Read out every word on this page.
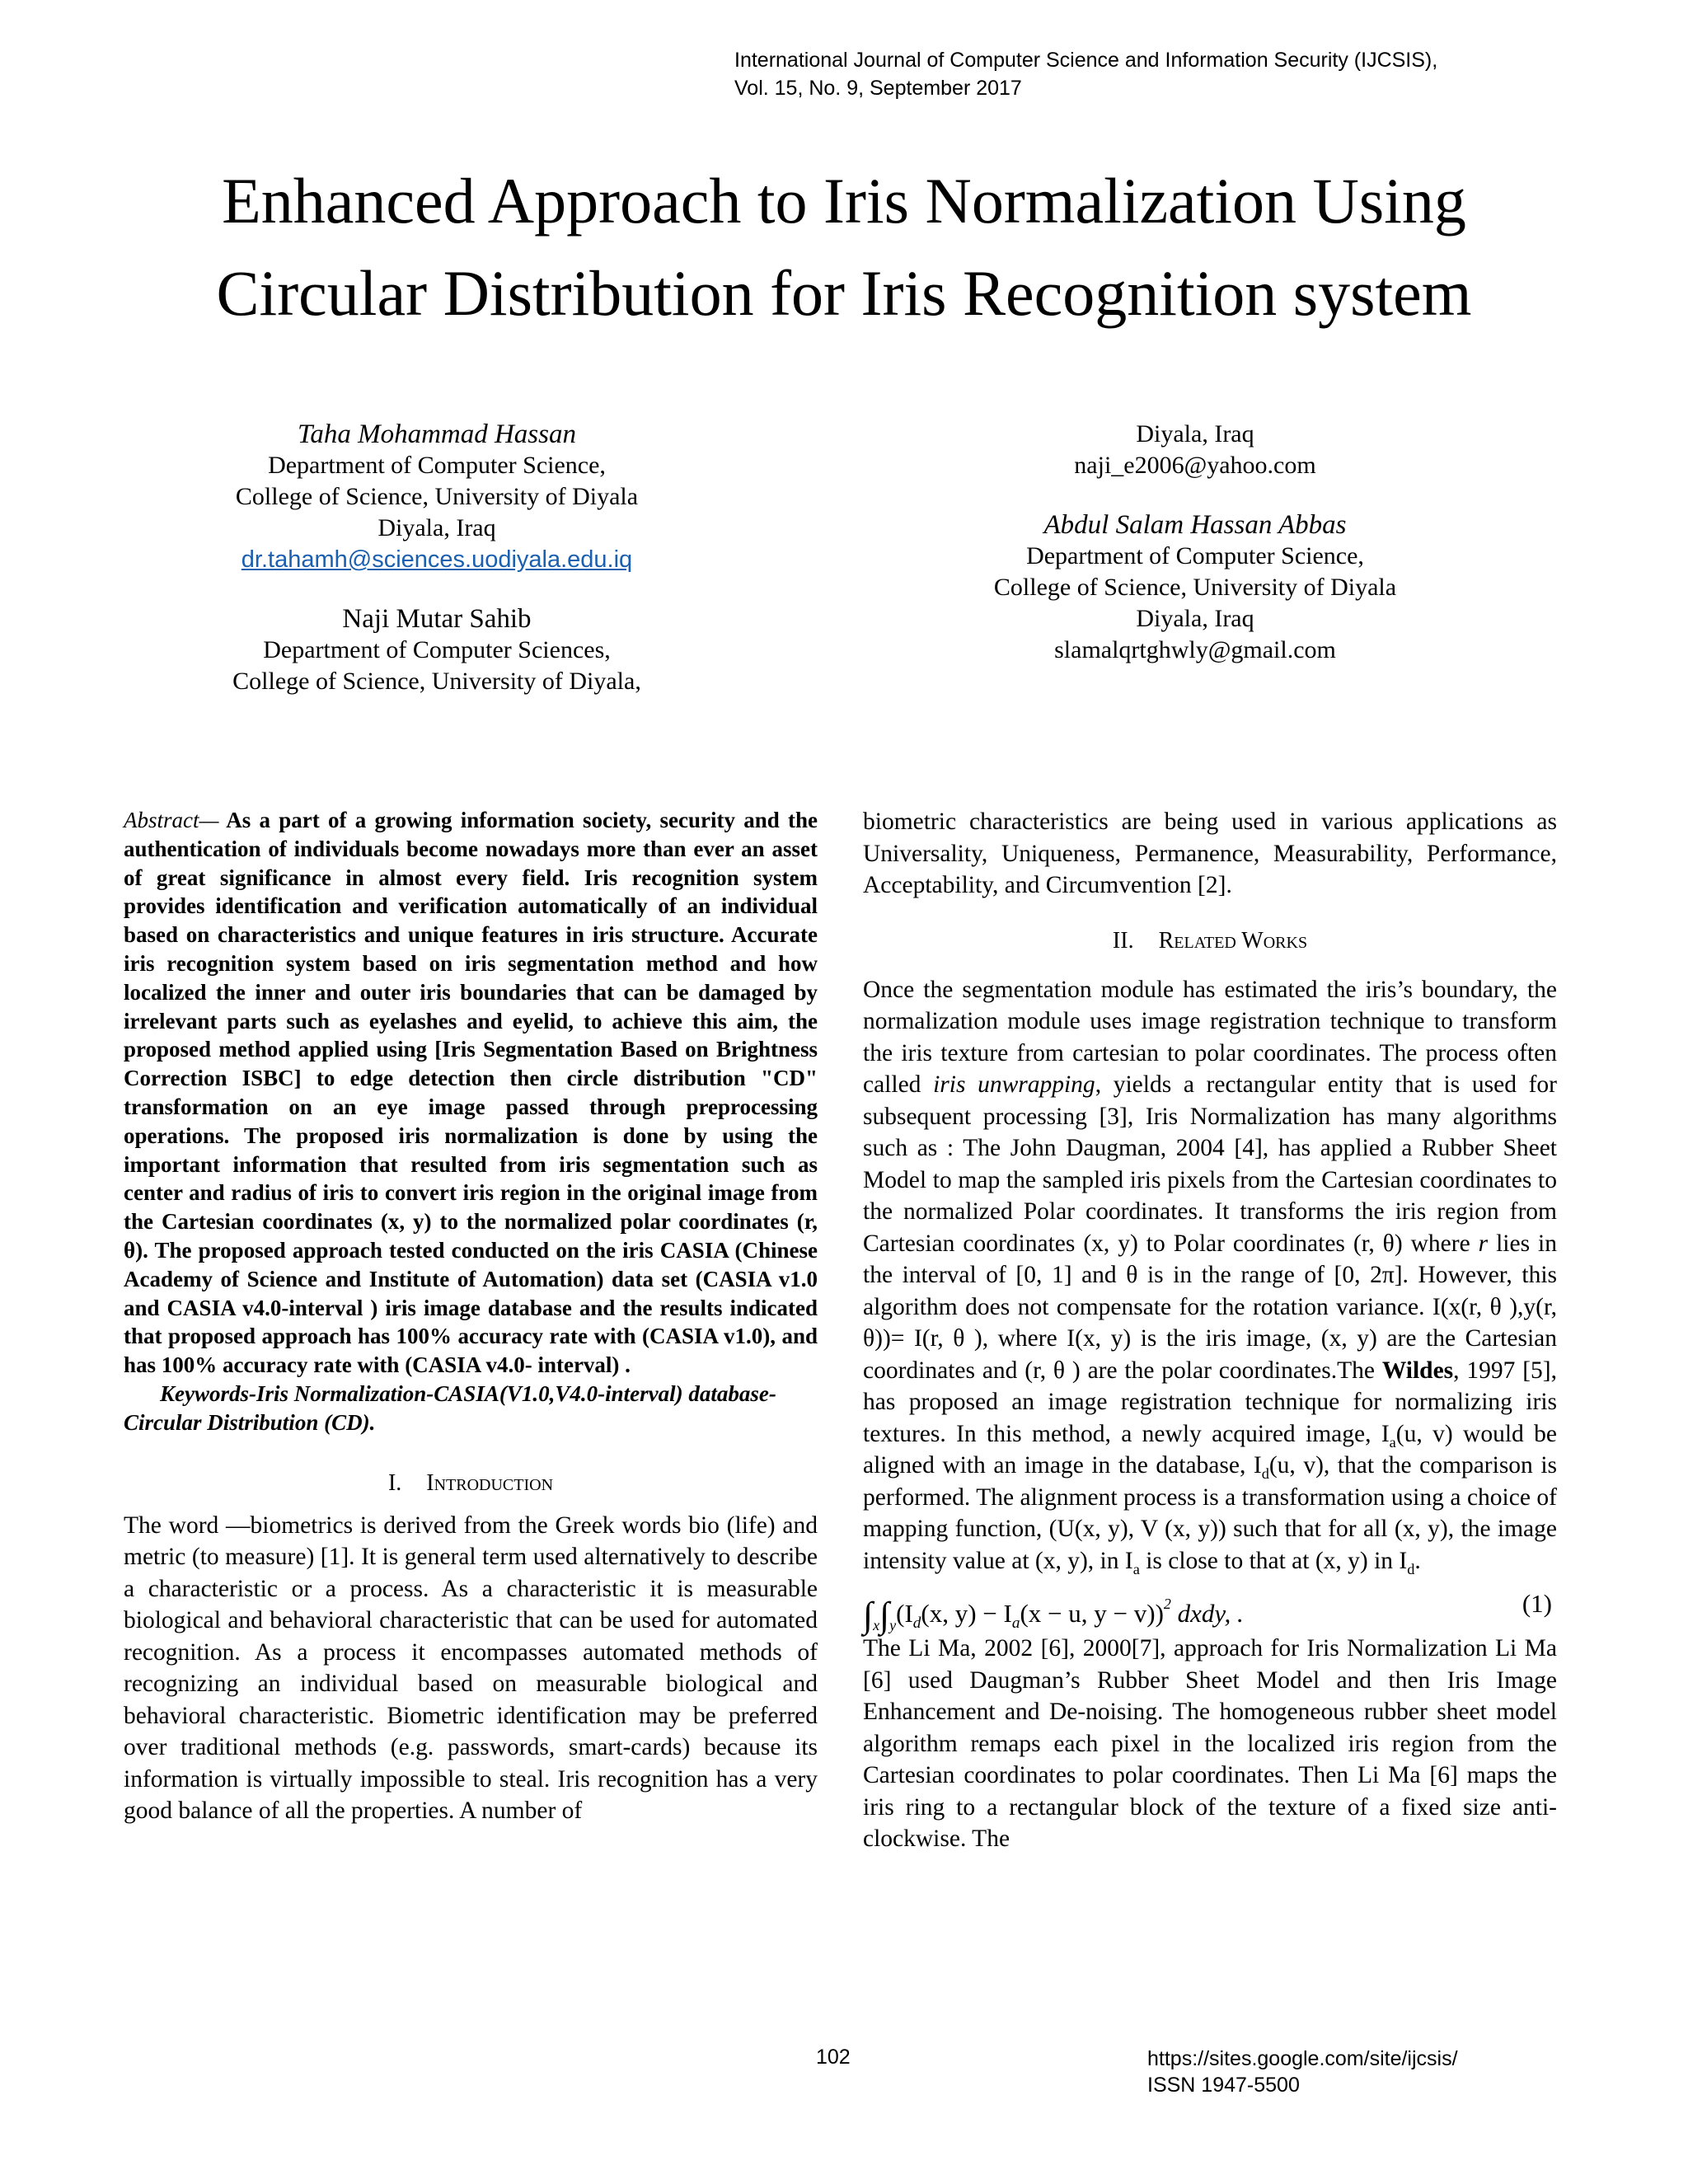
International Journal of Computer Science and Information Security (IJCSIS),
Vol. 15, No. 9, September 2017
Enhanced Approach to Iris Normalization Using
Circular Distribution for Iris Recognition system
Taha Mohammad Hassan
Department of Computer Science,
College of Science, University of Diyala
Diyala, Iraq
dr.tahamh@sciences.uodiyala.edu.iq
Naji Mutar Sahib
Department of Computer Sciences,
College of Science, University of Diyala,
Diyala, Iraq
naji_e2006@yahoo.com
Abdul Salam Hassan Abbas
Department of Computer Science,
College of Science, University of Diyala
Diyala, Iraq
slamalqrtghwly@gmail.com

Abstract— As a part of a growing information society, security and the authentication of individuals become nowadays more than ever an asset of great significance in almost every field. Iris recognition system provides identification and verification automatically of an individual based on characteristics and unique features in iris structure. Accurate iris recognition system based on iris segmentation method and how localized the inner and outer iris boundaries that can be damaged by irrelevant parts such as eyelashes and eyelid, to achieve this aim, the proposed method applied using [Iris Segmentation Based on Brightness Correction ISBC] to edge detection then circle distribution "CD" transformation on an eye image passed through preprocessing operations. The proposed iris normalization is done by using the important information that resulted from iris segmentation such as center and radius of iris to convert iris region in the original image from the Cartesian coordinates (x, y) to the normalized polar coordinates (r, θ). The proposed approach tested conducted on the iris CASIA (Chinese Academy of Science and Institute of Automation) data set (CASIA v1.0 and CASIA v4.0-interval ) iris image database and the results indicated that proposed approach has 100% accuracy rate with (CASIA v1.0), and has 100% accuracy rate with (CASIA v4.0- interval) .

Keywords-Iris Normalization-CASIA(V1.0,V4.0-interval) database-Circular Distribution (CD).

I. Introduction

The word ―biometrics is derived from the Greek words bio (life) and metric (to measure) [1]. It is general term used alternatively to describe a characteristic or a process. As a characteristic it is measurable biological and behavioral characteristic that can be used for automated recognition. As a process it encompasses automated methods of recognizing an individual based on measurable biological and behavioral characteristic. Biometric identification may be preferred over traditional methods (e.g. passwords, smart-cards) because its information is virtually impossible to steal. Iris recognition has a very good balance of all the properties. A number of

biometric characteristics are being used in various applications as Universality, Uniqueness, Permanence, Measurability, Performance, Acceptability, and Circumvention [2].

II. Related Works

Once the segmentation module has estimated the iris’s boundary, the normalization module uses image registration technique to transform the iris texture from cartesian to polar coordinates. The process often called iris unwrapping, yields a rectangular entity that is used for subsequent processing [3], Iris Normalization has many algorithms such as : The John Daugman, 2004 [4], has applied a Rubber Sheet Model to map the sampled iris pixels from the Cartesian coordinates to the normalized Polar coordinates. It transforms the iris region from Cartesian coordinates (x, y) to Polar coordinates (r, θ) where r lies in the interval of [0, 1] and θ is in the range of [0, 2π]. However, this algorithm does not compensate for the rotation variance. I(x(r, θ ),y(r, θ))= I(r, θ ), where I(x, y) is the iris image, (x, y) are the Cartesian coordinates and (r, θ ) are the polar coordinates.The Wildes, 1997 [5], has proposed an image registration technique for normalizing iris textures. In this method, a newly acquired image, $I_a(u$, v) would be aligned with an image in the database, $I_d(u$, v), that the comparison is performed. The alignment process is a transformation using a choice of mapping function, (U(x, y), V (x, y)) such that for all (x, y), the image intensity value at (x, y), in $I_a$ is close to that at (x, y) in $I_d$.

$\int_x\int_y(I_d(x$, $y) - I_a(x - u$, y − v))$^2$ dxdy, .	(1)

The Li Ma, 2002 [6], 2000[7], approach for Iris Normalization Li Ma [6] used Daugman’s Rubber Sheet Model and then Iris Image Enhancement and De-noising. The homogeneous rubber sheet model algorithm remaps each pixel in the localized iris region from the Cartesian coordinates to polar coordinates. Then Li Ma [6] maps the iris ring to a rectangular block of the texture of a fixed size anti-clockwise. The

102	https://sites.google.com/site/ijcsis/
ISSN 1947-5500
